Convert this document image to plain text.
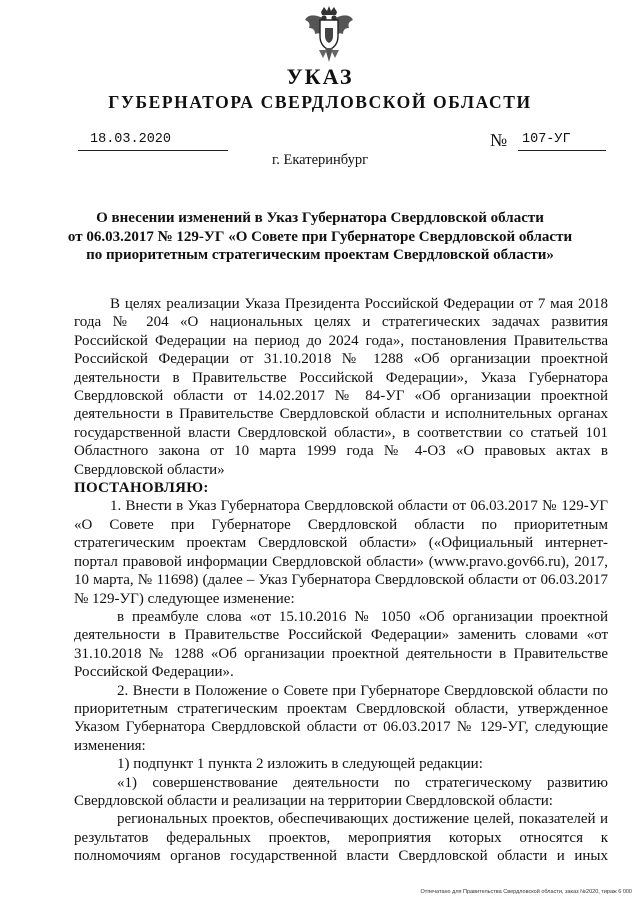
УКАЗ
ГУБЕРНАТОРА СВЕРДЛОВСКОЙ ОБЛАСТИ
18.03.2020	№ 107-УГ
г. Екатеринбург
О внесении изменений в Указ Губернатора Свердловской области
от 06.03.2017 № 129-УГ «О Совете при Губернаторе Свердловской области
по приоритетным стратегическим проектам Свердловской области»

В целях реализации Указа Президента Российской Федерации от 7 мая 2018 года № 204 «О национальных целях и стратегических задачах развития Российской Федерации на период до 2024 года», постановления Правительства Российской Федерации от 31.10.2018 № 1288 «Об организации проектной деятельности в Правительстве Российской Федерации», Указа Губернатора Свердловской области от 14.02.2017 № 84-УГ «Об организации проектной деятельности в Правительстве Свердловской области и исполнительных органах государственной власти Свердловской области», в соответствии со статьей 101 Областного закона от 10 марта 1999 года № 4-ОЗ «О правовых актах в Свердловской области»

ПОСТАНОВЛЯЮ:

1. Внести в Указ Губернатора Свердловской области от 06.03.2017 № 129-УГ «О Совете при Губернаторе Свердловской области по приоритетным стратегическим проектам Свердловской области» («Официальный интернет-портал правовой информации Свердловской области» (www.pravo.gov66.ru), 2017, 10 марта, № 11698) (далее – Указ Губернатора Свердловской области от 06.03.2017 № 129-УГ) следующее изменение:

в преамбуле слова «от 15.10.2016 № 1050 «Об организации проектной деятельности в Правительстве Российской Федерации» заменить словами «от 31.10.2018 № 1288 «Об организации проектной деятельности в Правительстве Российской Федерации».

2. Внести в Положение о Совете при Губернаторе Свердловской области по приоритетным стратегическим проектам Свердловской области, утвержденное Указом Губернатора Свердловской области от 06.03.2017 № 129-УГ, следующие изменения:

1) подпункт 1 пункта 2 изложить в следующей редакции:

«1) совершенствование деятельности по стратегическому развитию Свердловской области и реализации на территории Свердловской области:

региональных проектов, обеспечивающих достижение целей, показателей и результатов федеральных проектов, мероприятия которых относятся к полномочиям органов государственной власти Свердловской области и иных

Отпечатано для Правительства Свердловской области, заказ №2020, тираж 6 000
